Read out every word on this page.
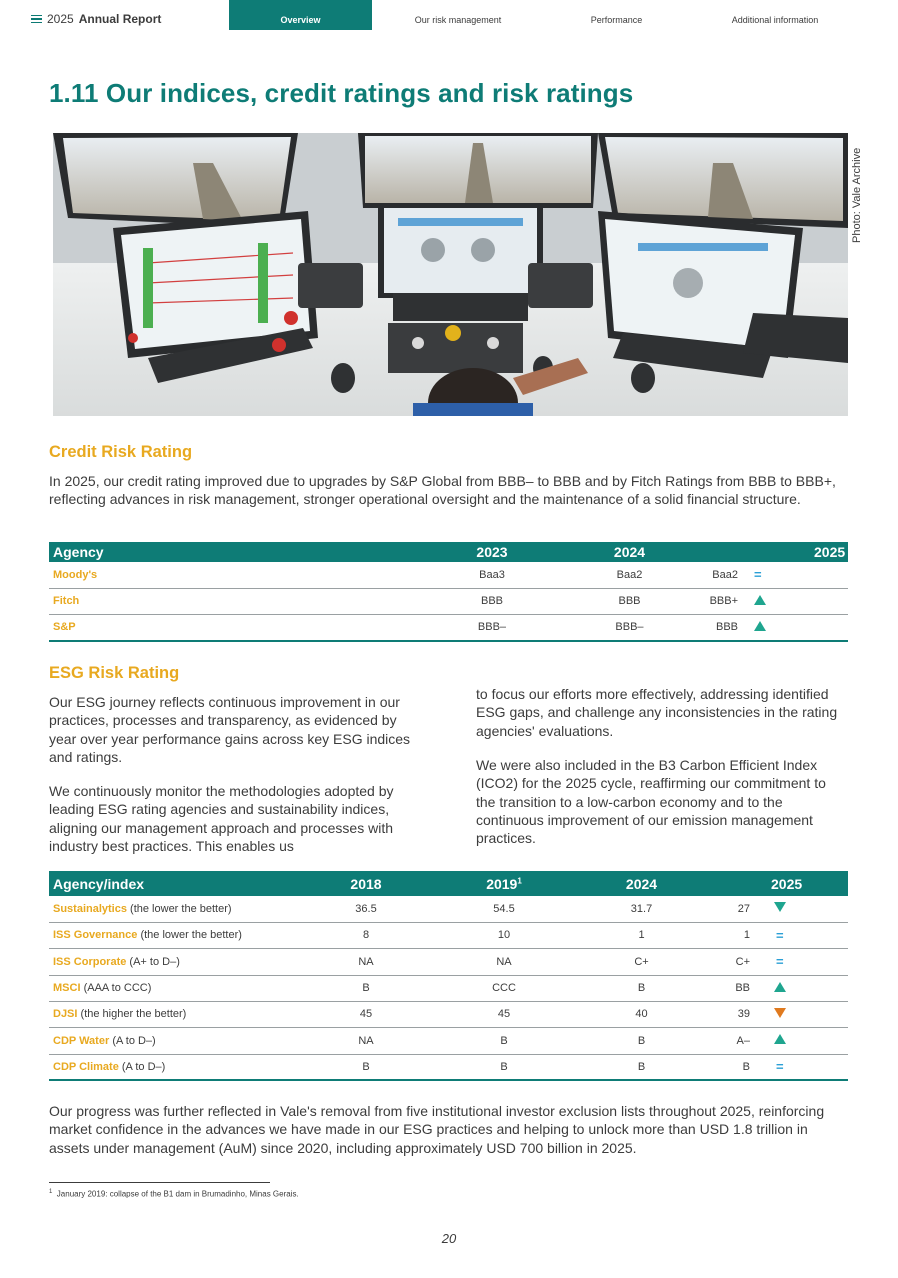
2025 Annual Report	Overview	Our risk management	Performance	Additional information
1.11 Our indices, credit ratings and risk ratings
Photo: Vale Archive
Credit Risk Rating

In 2025, our credit rating improved due to upgrades by S&P Global from BBB– to BBB and by Fitch Ratings from BBB to BBB+, reflecting advances in risk management, stronger operational oversight and the maintenance of a solid financial structure.

Agency	2023	2024	2025	
Moody's	Baa3	Baa2	Baa2	=
Fitch	BBB	BBB	BBB+	
S&P	BBB–	BBB–	BBB	
ESG Risk Rating

Our ESG journey reflects continuous improvement in our practices, processes and transparency, as evidenced by year over year performance gains across key ESG indices and ratings.

We continuously monitor the methodologies adopted by leading ESG rating agencies and sustainability indices, aligning our management approach and processes with industry best practices. This enables us

to focus our efforts more effectively, addressing identified ESG gaps, and challenge any inconsistencies in the rating agencies' evaluations.

We were also included in the B3 Carbon Efficient Index (ICO2) for the 2025 cycle, reaffirming our commitment to the transition to a low-carbon economy and to the continuous improvement of our emission management practices.

Agency/index	2018	2019$^1$	2024	2025	
Sustainalytics (the lower the better)	36.5	54.5	31.7	27	
ISS Governance (the lower the better)	8	10	1	1	=
ISS Corporate (A+ to D–)	NA	NA	C+	C+	=
MSCI (AAA to CCC)	B	CCC	B	BB	
DJSI (the higher the better)	45	45	40	39	
CDP Water (A to D–)	NA	B	B	A–	
CDP Climate (A to D–)	B	B	B	B	=

Our progress was further reflected in Vale's removal from five institutional investor exclusion lists throughout 2025, reinforcing market confidence in the advances we have made in our ESG practices and helping to unlock more than USD 1.8 trillion in assets under management (AuM) since 2020, including approximately USD 700 billion in 2025.

$^1$ January 2019: collapse of the B1 dam in Brumadinho, Minas Gerais.
20
